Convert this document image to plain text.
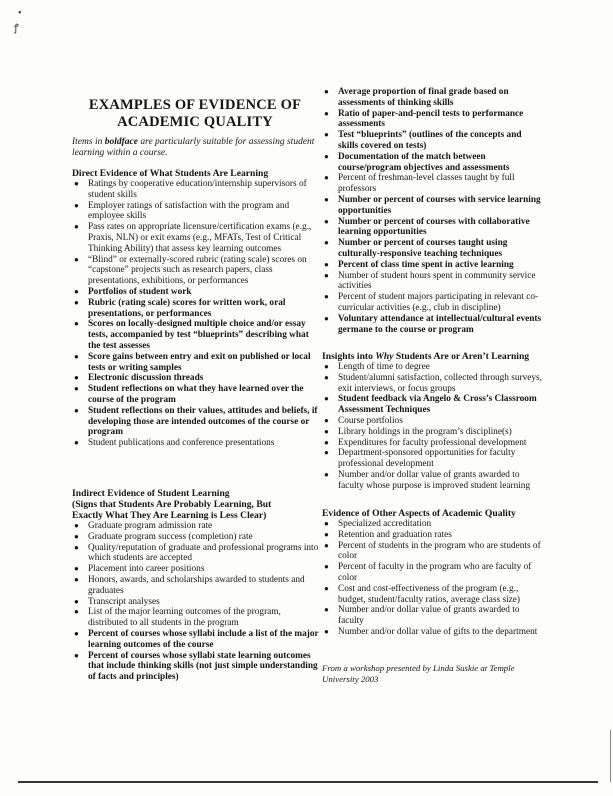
•
ꝭ
EXAMPLES OF EVIDENCE OF
ACADEMIC QUALITY
Items in boldface are particularly suitable for assessing student learning within a course.

Direct Evidence of What Students Are Learning

● Ratings by cooperative education/internship supervisors of student skills
● Employer ratings of satisfaction with the program and employee skills
● Pass rates on appropriate licensure/certification exams (e.g., Praxis, NLN) or exit exams (e.g., MFATs, Test of Critical Thinking Ability) that assess key learning outcomes
● “Blind” or externally-scored rubric (rating scale) scores on “capstone” projects such as research papers, class presentations, exhibitions, or performances
● Portfolios of student work
● Rubric (rating scale) scores for written work, oral presentations, or performances
● Scores on locally-designed multiple choice and/or essay tests, accompanied by test “blueprints” describing what the test assesses
● Score gains between entry and exit on published or local tests or writing samples
● Electronic discussion threads
● Student reflections on what they have learned over the course of the program
● Student reflections on their values, attitudes and beliefs, if developing those are intended outcomes of the course or program
● Student publications and conference presentations

Indirect Evidence of Student Learning

(Signs that Students Are Probably Learning, But

Exactly What They Are Learning is Less Clear)

● Graduate program admission rate
● Graduate program success (completion) rate
● Quality/reputation of graduate and professional programs into which students are accepted
● Placement into career positions
● Honors, awards, and scholarships awarded to students and graduates
● Transcript analyses
● List of the major learning outcomes of the program, distributed to all students in the program
● Percent of courses whose syllabi include a list of the major learning outcomes of the course
● Percent of courses whose syllabi state learning outcomes that include thinking skills (not just simple understanding of facts and principles)
● Average proportion of final grade based on assessments of thinking skills
● Ratio of paper-and-pencil tests to performance assessments
● Test “blueprints” (outlines of the concepts and skills covered on tests)
● Documentation of the match between course/program objectives and assessments
● Percent of freshman-level classes taught by full professors
● Number or percent of courses with service learning opportunities
● Number or percent of courses with collaborative learning opportunities
● Number or percent of courses taught using culturally-responsive teaching techniques
● Percent of class time spent in active learning
● Number of student hours spent in community service activities
● Percent of student majors participating in relevant co-curricular activities (e.g., club in discipline)
● Voluntary attendance at intellectual/cultural events germane to the course or program

Insights into Why Students Are or Aren’t Learning

● Length of time to degree
● Student/alumni satisfaction, collected through surveys, exit interviews, or focus groups
● Student feedback via Angelo & Cross’s Classroom Assessment Techniques
● Course portfolios
● Library holdings in the program’s discipline(s)
● Expenditures for faculty professional development
● Department-sponsored opportunities for faculty professional development
● Number and/or dollar value of grants awarded to faculty whose purpose is improved student learning

Evidence of Other Aspects of Academic Quality

● Specialized accreditation
● Retention and graduation rates
● Percent of students in the program who are students of color
● Percent of faculty in the program who are faculty of color
● Cost and cost-effectiveness of the program (e.g., budget, student/faculty ratios, average class size)
● Number and/or dollar value of grants awarded to faculty
● Number and/or dollar value of gifts to the department
From a workshop presented by Linda Suskie at Temple University 2003
